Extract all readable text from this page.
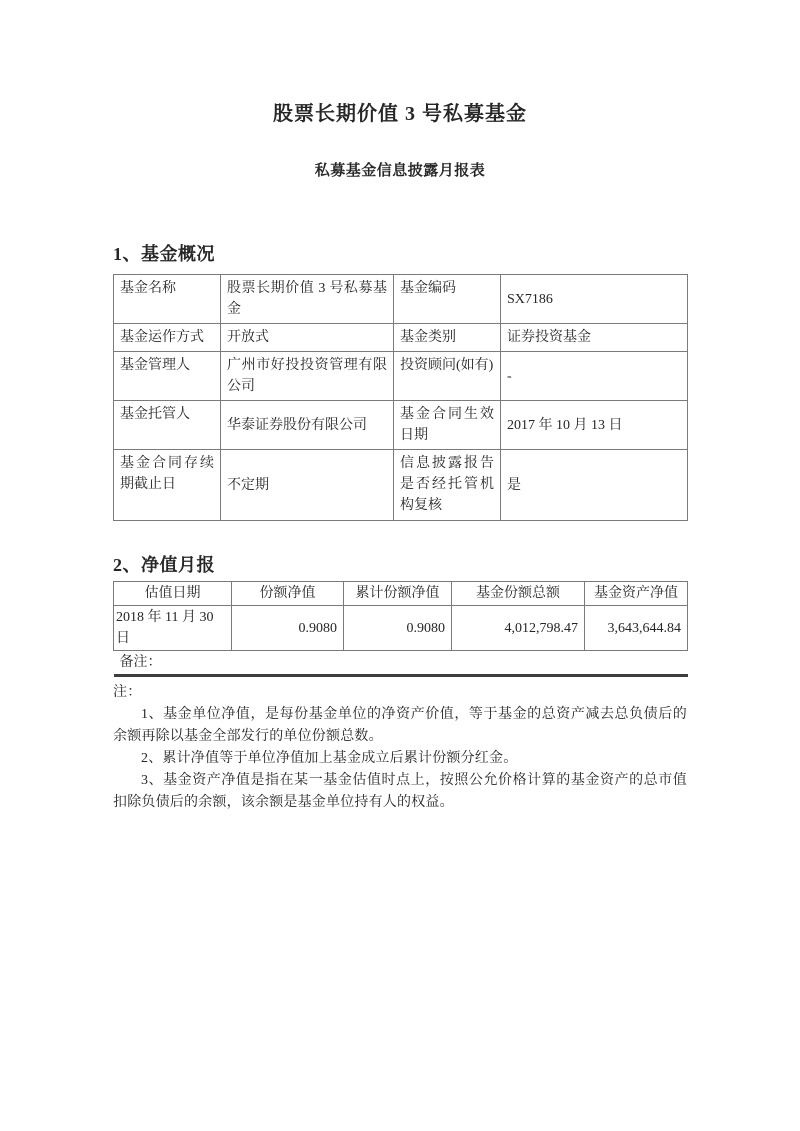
股票长期价值 3 号私募基金
私募基金信息披露月报表
1、基金概况
基金名称	股票长期价值 3 号私募基金	基金编码	SX7186
基金运作方式	开放式	基金类别	证券投资基金
基金管理人	广州市好投投资管理有限公司	投资顾问(如有)	-
基金托管人	华泰证券股份有限公司	基金合同生效日期	2017 年 10 月 13 日
基金合同存续期截止日	不定期	信息披露报告是否经托管机构复核	是
2、净值月报
估值日期	份额净值	累计份额净值	基金份额总额	基金资产净值
2018 年 11 月 30 日	0.9080	0.9080	4,012,798.47	3,643,644.84
备注：				

注：

1、基金单位净值，是每份基金单位的净资产价值，等于基金的总资产减去总负债后的余额再除以基金全部发行的单位份额总数。

2、累计净值等于单位净值加上基金成立后累计份额分红金。

3、基金资产净值是指在某一基金估值时点上，按照公允价格计算的基金资产的总市值扣除负债后的余额，该余额是基金单位持有人的权益。
